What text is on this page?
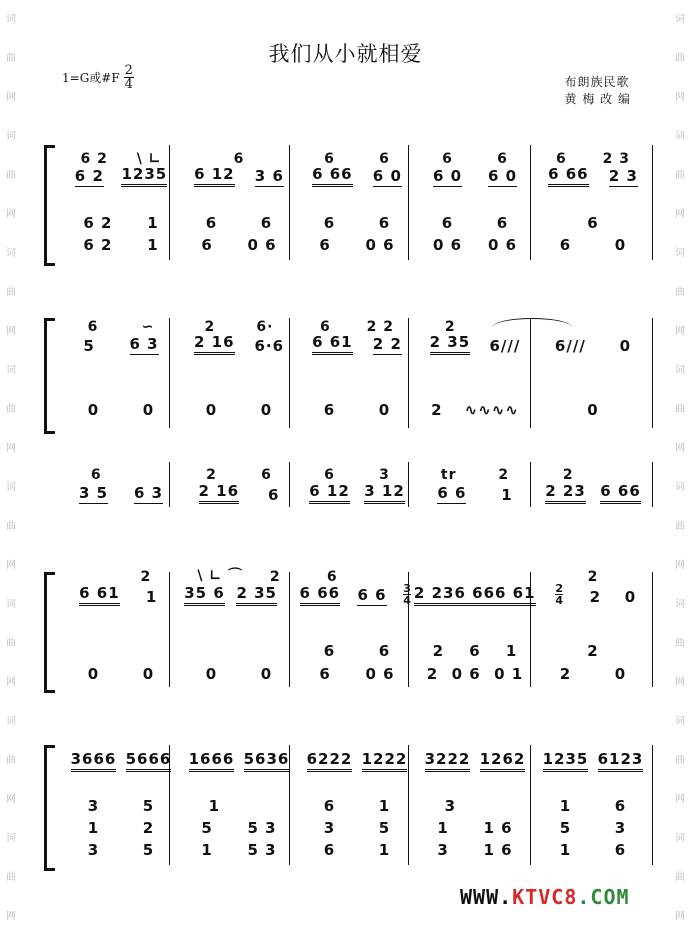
词
曲
网
词
曲
网
词
曲
网
词
曲
网
词
曲
网
词
曲
网
词
曲
网
词
曲
网
词
曲
网
词
曲
网
词
曲
网
词
曲
网
词
曲
网
词
曲
网
词
曲
网
词
曲
网
我们从小就相爱
1=G或#F $\frac{2}{4}$	布朗族民歌
黄 梅 改 编
6 2 \ ∟	6	6	6	6	6	6	2 3
6 2 1235 6 12 3 6 6 66 6 0 6 0 6 0 6 66 2 3
6 2 1	6	6	6	6	6	6	6
6 2 1	6 0 6	6 0 6	0 6 0 6	6	0
6	∽	2	6·	6	2 2	2
5 6 3 2 16 6·6 6 61 2 2 2 35 6/// 6/// 0
0	0	0	0	6	0	2 ∿∿∿∿	0
6	2	6	6	3	tr	2	2
3 5 6 3 2 16 6 6 12 3 12 6 6 1 2 23 6 66
2	\ ∟ ⌒ 2	6	2
6 61 1 35 6 2 35 6 66 6 6 3
4 2 23 6 66 6 61 2
4 2 0
6	6	2 6 1	2
0	0	0	0	6 0 6 2 0 6 0 1 2	0
3666 5666 1666 5636 6222 1222 3222 1262 1235 6123
3	5	1	6	1	3	1	6
1	2	5 5 3	3	5	1 1 6	5	3
3	5	1 5 3	6	1	3 1 6	1	6
WWW.KTVC8.COM
